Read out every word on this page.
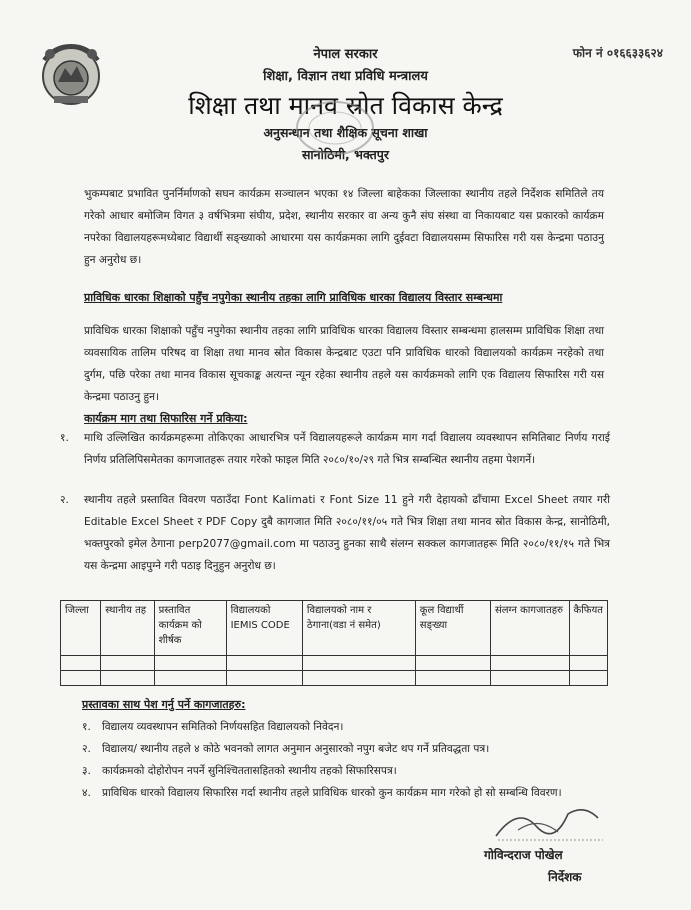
फोन नं ०१६६३३६२४
नेपाल सरकार
शिक्षा, विज्ञान तथा प्रविधि मन्त्रालय
शिक्षा तथा मानव स्रोत विकास केन्द्र
अनुसन्धान तथा शैक्षिक सूचना शाखा
सानोठिमी, भक्तपुर
भुकम्पबाट प्रभावित पुनर्निर्माणको सघन कार्यक्रम सञ्चालन भएका १४ जिल्ला बाहेकका जिल्लाका स्थानीय तहले निर्देशक समितिले तय गरेको आधार बमोजिम विगत ३ वर्षभित्रमा संघीय, प्रदेश, स्थानीय सरकार वा अन्य कुनै संघ संस्था वा निकायबाट यस प्रकारको कार्यक्रम नपरेका विद्यालयहरूमध्येबाट विद्यार्थी सङ्ख्याको आधारमा यस कार्यक्रमका लागि दुईवटा विद्यालयसम्म सिफारिस गरी यस केन्द्रमा पठाउनु हुन अनुरोध छ।
प्राविधिक धारका शिक्षाको पहुँच नपुगेका स्थानीय तहका लागि प्राविधिक धारका विद्यालय विस्तार सम्बन्धमा
प्राविधिक धारका शिक्षाको पहुँच नपुगेका स्थानीय तहका लागि प्राविधिक धारका विद्यालय विस्तार सम्बन्धमा हालसम्म प्राविधिक शिक्षा तथा व्यवसायिक तालिम परिषद वा शिक्षा तथा मानव स्रोत विकास केन्द्रबाट एउटा पनि प्राविधिक धारको विद्यालयको कार्यक्रम नरहेको तथा दुर्गम, पछि परेका तथा मानव विकास सूचकाङ्क अत्यन्त न्यून रहेका स्थानीय तहले यस कार्यक्रमको लागि एक विद्यालय सिफारिस गरी यस केन्द्रमा पठाउनु हुन।
कार्यक्रम माग तथा सिफारिस गर्ने प्रकिया:
१.	माथि उल्लिखित कार्यक्रमहरूमा तोकिएका आधारभित्र पर्ने विद्यालयहरूले कार्यक्रम माग गर्दा विद्यालय व्यवस्थापन समितिबाट निर्णय गराई निर्णय प्रतिलिपिसमेतका कागजातहरू तयार गरेको फाइल मिति २०८०/१०/२९ गते भित्र सम्बन्धित स्थानीय तहमा पेशगर्ने।
२.	स्थानीय तहले प्रस्तावित विवरण पठाउँदा Font Kalimati र Font Size 11 हुने गरी देहायको ढाँचामा Excel Sheet तयार गरी Editable Excel Sheet र PDF Copy दुबै कागजात मिति २०८०/११/०५ गते भित्र शिक्षा तथा मानव स्रोत विकास केन्द्र, सानोठिमी, भक्तपुरको इमेल ठेगाना perp2077@gmail.com मा पठाउनु हुनका साथै संलग्न सक्कल कागजातहरू मिति २०८०/११/१५ गते भित्र यस केन्द्रमा आइपुग्ने गरी पठाइ दिनुहुन अनुरोध छ।
जिल्ला	स्थानीय तह	प्रस्तावित कार्यक्रम को शीर्षक	विद्यालयको IEMIS CODE	विद्यालयको नाम र ठेगाना(वडा नं समेत)	कूल विद्यार्थी सङ्ख्या	संलग्न कागजातहरु	कैफियत

प्रस्तावका साथ पेश गर्नु पर्ने कागजातहरु:
१.	विद्यालय व्यवस्थापन समितिको निर्णयसहित विद्यालयको निवेदन।
२.	विद्यालय/ स्थानीय तहले ४ कोठे भवनको लागत अनुमान अनुसारको नपुग बजेट थप गर्ने प्रतिवद्धता पत्र।
३.	कार्यक्रमको दोहोरोपन नपर्ने सुनिश्चिततासहितको स्थानीय तहको सिफारिसपत्र।
४.	प्राविधिक धारको विद्यालय सिफारिस गर्दा स्थानीय तहले प्राविधिक धारको कुन कार्यक्रम माग गरेको हो सो सम्बन्धि विवरण।
गोविन्दराज पोखेल
निर्देशक
